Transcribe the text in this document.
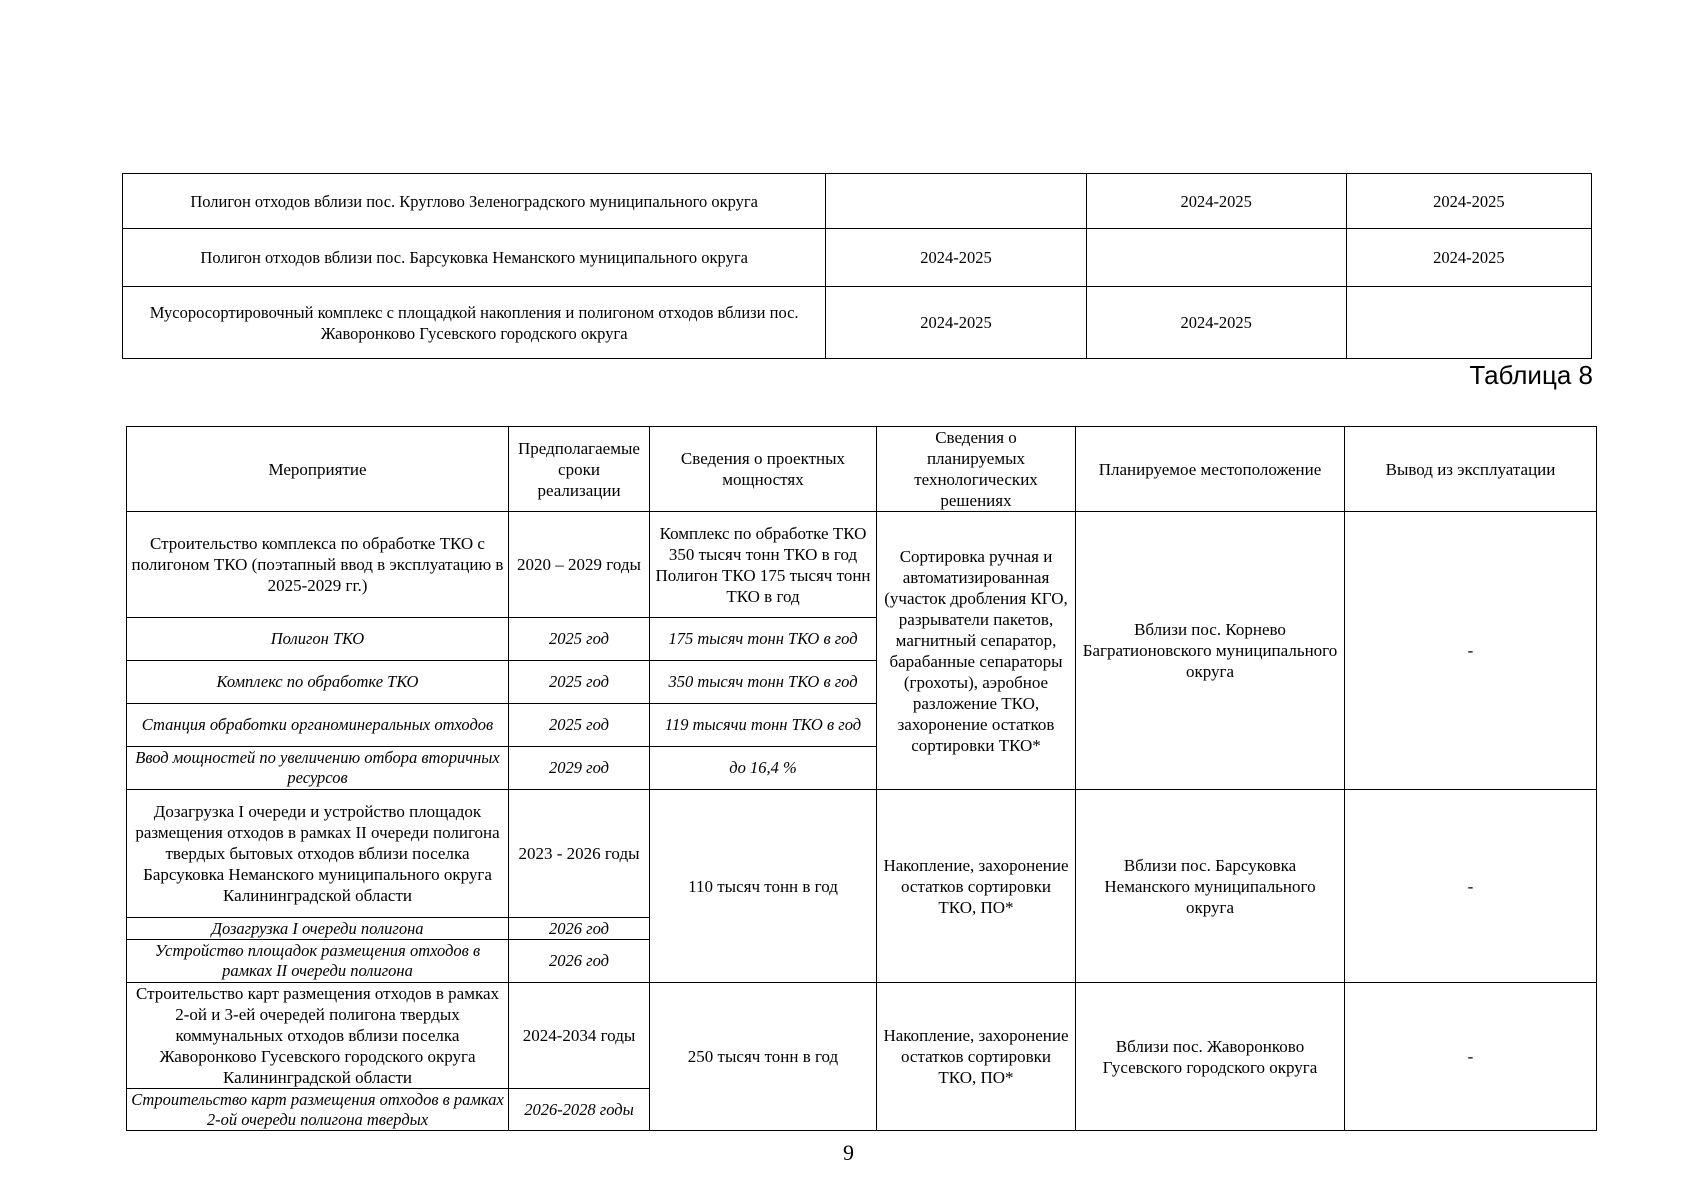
Полигон отходов вблизи пос. Круглово Зеленоградского муниципального округа		2024-2025	2024-2025
Полигон отходов вблизи пос. Барсуковка Неманского муниципального округа	2024-2025		2024-2025
Мусоросортировочный комплекс с площадкой накопления и полигоном отходов вблизи пос. Жаворонково Гусевского городского округа	2024-2025	2024-2025	
Таблица 8
Мероприятие	Предполагаемые сроки реализации	Сведения о проектных мощностях	Сведения о планируемых технологических решениях	Планируемое местоположение	Вывод из эксплуатации
Строительство комплекса по обработке ТКО с полигоном ТКО (поэтапный ввод в эксплуатацию в 2025-2029 гг.)	2020 – 2029 годы	Комплекс по обработке ТКО 350 тысяч тонн ТКО в год Полигон ТКО 175 тысяч тонн ТКО в год	Сортировка ручная и автоматизированная (участок дробления КГО, разрыватели пакетов, магнитный сепаратор, барабанные сепараторы (грохоты), аэробное разложение ТКО, захоронение остатков сортировки ТКО*	Вблизи пос. Корнево Багратионовского муниципального округа	-
Полигон ТКО	2025 год	175 тысяч тонн ТКО в год			
Комплекс по обработке ТКО	2025 год	350 тысяч тонн ТКО в год			
Станция обработки органоминеральных отходов	2025 год	119 тысячи тонн ТКО в год			
Ввод мощностей по увеличению отбора вторичных ресурсов	2029 год	до 16,4 %			
Дозагрузка I очереди и устройство площадок размещения отходов в рамках II очереди полигона твердых бытовых отходов вблизи поселка Барсуковка Неманского муниципального округа Калининградской области	2023 - 2026 годы	110 тысяч тонн в год	Накопление, захоронение остатков сортировки ТКО, ПО*	Вблизи пос. Барсуковка Неманского муниципального округа	-
Дозагрузка I очереди полигона	2026 год				
Устройство площадок размещения отходов в рамках II очереди полигона	2026 год				
Строительство карт размещения отходов в рамках 2-ой и 3-ей очередей полигона твердых коммунальных отходов вблизи поселка Жаворонково Гусевского городского округа Калининградской области	2024-2034 годы	250 тысяч тонн в год	Накопление, захоронение остатков сортировки ТКО, ПО*	Вблизи пос. Жаворонково Гусевского городского округа	-
Строительство карт размещения отходов в рамках 2-ой очереди полигона твердых	2026-2028 годы				
9
